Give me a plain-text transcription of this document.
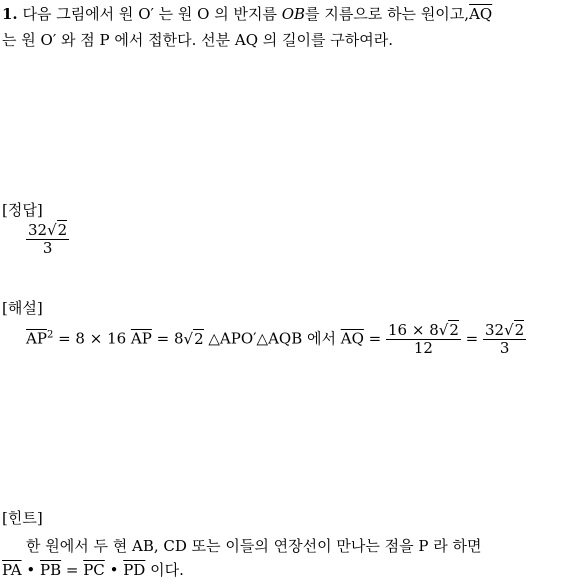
1. 다음 그림에서 원 O′ 는 원 O 의 반지름 OB를 지름으로 하는 원이고$,\overline{AQ}$
는 원 O′ 와 점 P 에서 접한다. 선분 AQ 의 길이를 구하여라.
[정답]
$\frac{32√2}{3}$
[해설]
$\overline{AP}^2 = 8 \times 16$ $\overline{AP} = 8√2$ △APO′△AQB 에서 $\overline{AQ} = \frac{16 \times 8√2}{12} = \frac{32√2}{3}$
[힌트]
한 원에서 두 현 AB, CD 또는 이들의 연장선이 만나는 점을 P 라 하면
$\overline{PA}$ • $\overline{PB} = \overline{PC}$ • $\overline{PD}$ 이다.
